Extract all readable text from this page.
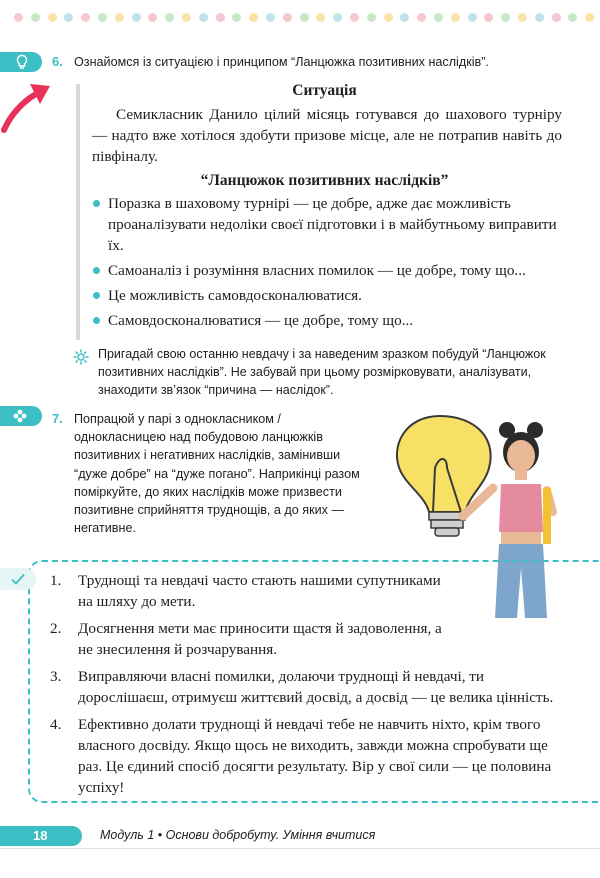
6. Ознайомся із ситуацією і принципом “Ланцюжка позитивних наслідків”.
Ситуація
Семикласник Данило цілий місяць готувався до шахового турніру — надто вже хотілося здобути призове місце, але не потрапив навіть до півфіналу.
“Ланцюжок позитивних наслідків”
Поразка в шаховому турнірі — це добре, адже дає можливість проаналізувати недоліки своєї підготовки і в майбутньому виправити їх.
Самоаналіз і розуміння власних помилок — це добре, тому що...
Це можливість самовдосконалюватися.
Самовдосконалюватися — це добре, тому що...
Пригадай свою останню невдачу і за наведеним зразком побудуй “Ланцюжок позитивних наслідків”. Не забувай при цьому розмірковувати, аналізувати, знаходити зв’язок “причина — наслідок”.
7. Попрацюй у парі з однокласником / однокласницею над побудовою ланцюжків позитивних і негативних наслідків, замінивши “дуже добре” на “дуже погано”. Наприкінці разом поміркуйте, до яких наслідків може призвести позитивне сприйняття труднощів, а до яких — негативне.
1. Труднощі та невдачі часто стають нашими супутниками на шляху до мети.
2. Досягнення мети має приносити щастя й задоволення, а не знесилення й розчарування.
3. Виправляючи власні помилки, долаючи труднощі й невдачі, ти дорослішаєш, отримуєш життєвий досвід, а досвід — це велика цінність.
4. Ефективно долати труднощі й невдачі тебе не навчить ніхто, крім твого власного досвіду. Якщо щось не виходить, завжди можна спробувати ще раз. Це єдиний спосіб досягти результату. Вір у свої сили — це половина успіху!
18	Модуль 1 • Основи добробуту. Уміння вчитися
